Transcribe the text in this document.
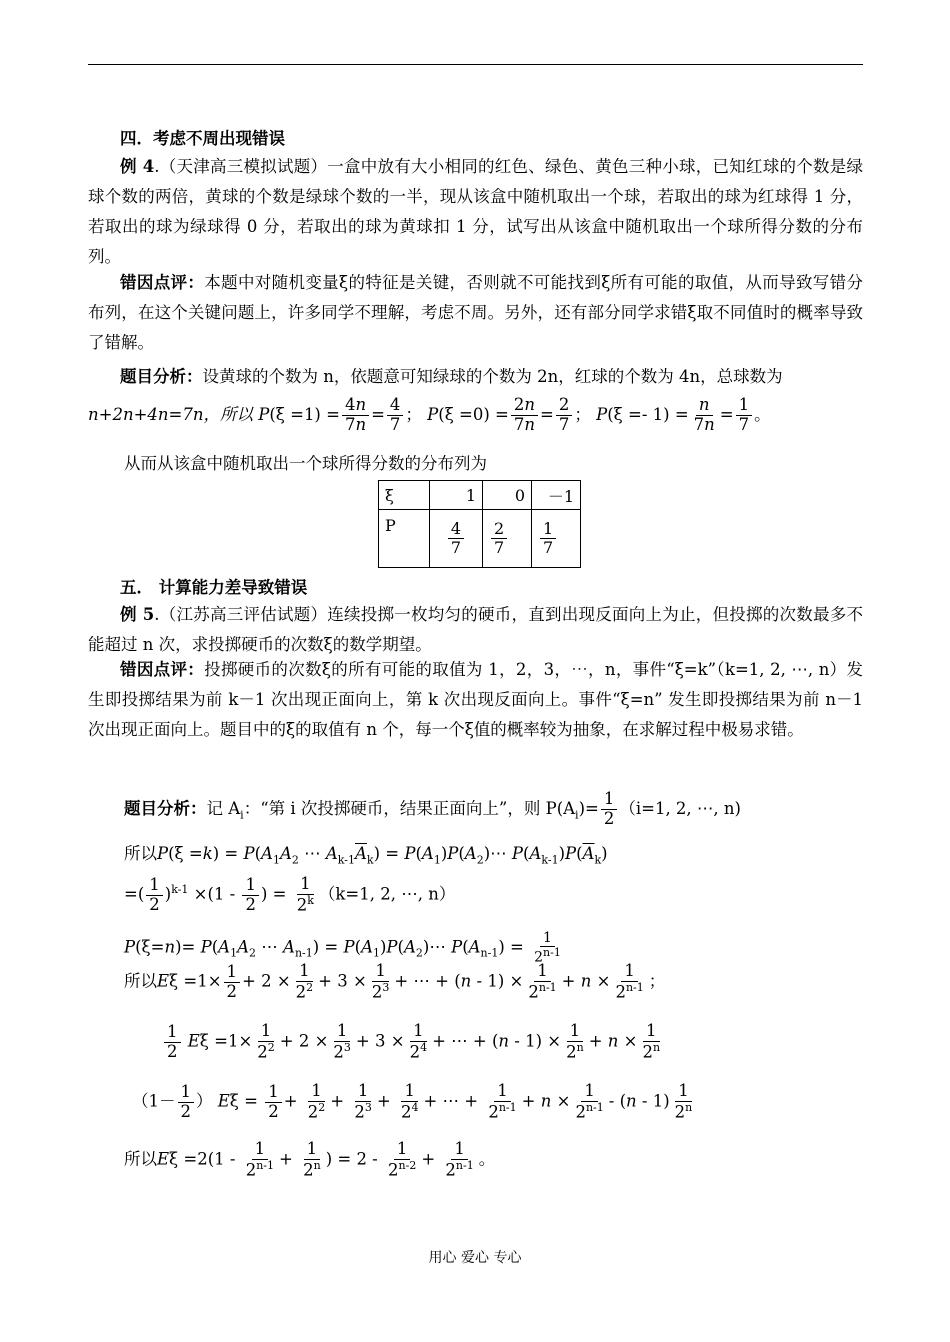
四．考虑不周出现错误
例 4.（天津高三模拟试题）一盒中放有大小相同的红色、绿色、黄色三种小球，已知红球的个数是绿球个数的两倍，黄球的个数是绿球个数的一半，现从该盒中随机取出一个球，若取出的球为红球得 1 分，若取出的球为绿球得 0 分，若取出的球为黄球扣 1 分，试写出从该盒中随机取出一个球所得分数的分布列。
错因点评：本题中对随机变量ξ的特征是关键，否则就不可能找到ξ所有可能的取值，从而导致写错分布列，在这个关键问题上，许多同学不理解，考虑不周。另外，还有部分同学求错ξ取不同值时的概率导致了错解。
题目分析：设黄球的个数为 n，依题意可知绿球的个数为 2n，红球的个数为 4n，总球数为
n+2n+4n=7n，所以 $P(\xi =1) = \frac{4n}{7n} = \frac{4}{7}$ ； $P(\xi =0) = \frac{2n}{7n} = \frac{2}{7}$ ； $P(\xi =- 1) = \frac{n}{7n} = \frac{1}{7}$ 。
从而从该盒中随机取出一个球所得分数的分布列为
ξ	1	0	－1
P	$\frac{4}{7}$	$\frac{2}{7}$	$\frac{1}{7}$
五． 计算能力差导致错误
例 5.（江苏高三评估试题）连续投掷一枚均匀的硬币，直到出现反面向上为止，但投掷的次数最多不能超过 n 次，求投掷硬币的次数ξ的数学期望。
错因点评：投掷硬币的次数ξ的所有可能的取值为 1，2，3，⋯，n，事件“ξ=k”（k=1, 2, ⋯, n）发生即投掷结果为前 k－1 次出现正面向上，第 k 次出现反面向上。事件“ξ=n” 发生即投掷结果为前 n－1 次出现正面向上。题目中的ξ的取值有 n 个，每一个ξ值的概率较为抽象，在求解过程中极易求错。
题目分析：记 $A_i$：“第 i 次投掷硬币，结果正面向上”，则 $P(A_i)= \frac{1}{2} (i=1$, 2, ⋯, n)
所以$P(\xi =k) = P(A_1A_2$ ⋯ $A_{k-1}\overline{A}_k$) = $P(A_1)P(A_2)\cdots$ $P(A_{k-1})P(\overline{A}_k)$
=( $\frac{1}{2} )^{k-1} \times(1 - \frac{1}{2}$ ) = $\frac{1}{2^k} (k=1$, 2, ⋯, n）
$P(\xi=n)= P(A_1A_2$ ⋯ $A_{n-1}$) = $P(A_1)P(A_2)\cdots$ $P(A_{n-1}) = \frac{1}{2^{n-1}}$
所以$E\xi =1\times \frac{1}{2} + 2 \times \frac{1}{2^2} + 3 \times \frac{1}{2^3}$ + ⋯ + $(n - 1) \times \frac{1}{2^{n-1}} + n \times \frac{1}{2^{n-1}}$ ；
$\frac{1}{2}$ $E\xi =1\times \frac{1}{2^2} + 2 \times \frac{1}{2^3} + 3 \times \frac{1}{2^4}$ + ⋯ + $(n - 1) \times \frac{1}{2^n} + n \times \frac{1}{2^n}$
（$1- \frac{1}{2}$ ） $E\xi = \frac{1}{2} + \frac{1}{2^2} + \frac{1}{2^3} + \frac{1}{2^4}$ + ⋯ + $\frac{1}{2^{n-1}} + n \times \frac{1}{2^{n-1}} - (n - 1) \frac{1}{2^n}$
所以$E\xi =2(1 - \frac{1}{2^{n-1}} + \frac{1}{2^n}$ ) = $2 - \frac{1}{2^{n-2}} + \frac{1}{2^{n-1}}$ 。
用心 爱心 专心
